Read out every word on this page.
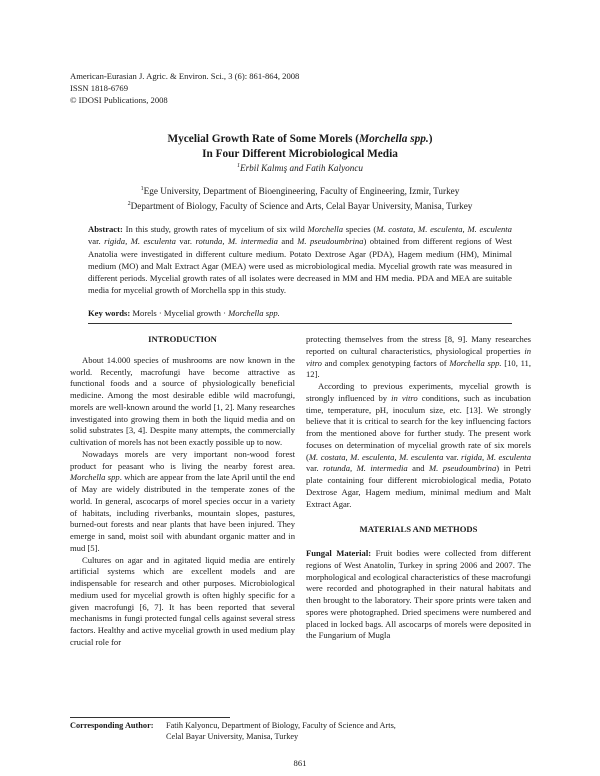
American-Eurasian J. Agric. & Environ. Sci., 3 (6): 861-864, 2008
ISSN 1818-6769
© IDOSI Publications, 2008
Mycelial Growth Rate of Some Morels (Morchella spp.)
In Four Different Microbiological Media
$^1$Erbil Kalmış and Fatih Kalyoncu
$^1$Ege University, Department of Bioengineering, Faculty of Engineering, Izmir, Turkey
$^2$Department of Biology, Faculty of Science and Arts, Celal Bayar University, Manisa, Turkey
Abstract: In this study, growth rates of mycelium of six wild Morchella species (M. costata, M. esculenta, M. esculenta var. rigida, M. esculenta var. rotunda, M. intermedia and M. pseudoumbrina) obtained from different regions of West Anatolia were investigated in different culture medium. Potato Dextrose Agar (PDA), Hagem medium (HM), Minimal medium (MO) and Malt Extract Agar (MEA) were used as microbiological media. Mycelial growth rate was measured in different periods. Mycelial growth rates of all isolates were decreased in MM and HM media. PDA and MEA are suitable media for mycelial growth of Morchella spp in this study.
Key words: Morels · Mycelial growth · Morchella spp.
INTRODUCTION

About 14.000 species of mushrooms are now known in the world. Recently, macrofungi have become attractive as functional foods and a source of physiologically beneficial medicine. Among the most desirable edible wild macrofungi, morels are well-known around the world [1, 2]. Many researches investigated into growing them in both the liquid media and on solid substrates [3, 4]. Despite many attempts, the commercially cultivation of morels has not been exactly possible up to now.

Nowadays morels are very important non-wood forest product for peasant who is living the nearby forest area. Morchella spp. which are appear from the late April until the end of May are widely distributed in the temperate zones of the world. In general, ascocarps of morel species occur in a variety of habitats, including riverbanks, mountain slopes, pastures, burned-out forests and near plants that have been injured. They emerge in sand, moist soil with abundant organic matter and in mud [5].

Cultures on agar and in agitated liquid media are entirely artificial systems which are excellent models and are indispensable for research and other purposes. Microbiological medium used for mycelial growth is often highly specific for a given macrofungi [6, 7]. It has been reported that several mechanisms in fungi protected fungal cells against several stress factors. Healthy and active mycelial growth in used medium play crucial role for

protecting themselves from the stress [8, 9]. Many researches reported on cultural characteristics, physiological properties in vitro and complex genotyping factors of Morchella spp. [10, 11, 12].

According to previous experiments, mycelial growth is strongly influenced by in vitro conditions, such as incubation time, temperature, pH, inoculum size, etc. [13]. We strongly believe that it is critical to search for the key influencing factors from the mentioned above for further study. The present work focuses on determination of mycelial growth rate of six morels (M. costata, M. esculenta, M. esculenta var. rigida, M. esculenta var. rotunda, M. intermedia and M. pseudoumbrina) in Petri plate containing four different microbiological media, Potato Dextrose Agar, Hagem medium, minimal medium and Malt Extract Agar.

MATERIALS AND METHODS

Fungal Material: Fruit bodies were collected from different regions of West Anatolin, Turkey in spring 2006 and 2007. The morphological and ecological characteristics of these macrofungi were recorded and photographed in their natural habitats and then brought to the laboratory. Their spore prints were taken and spores were photographed. Dried specimens were numbered and placed in locked bags. All ascocarps of morels were deposited in the Fungarium of Mugla

Corresponding Author: Fatih Kalyoncu, Department of Biology, Faculty of Science and Arts,
Celal Bayar University, Manisa, Turkey
861
